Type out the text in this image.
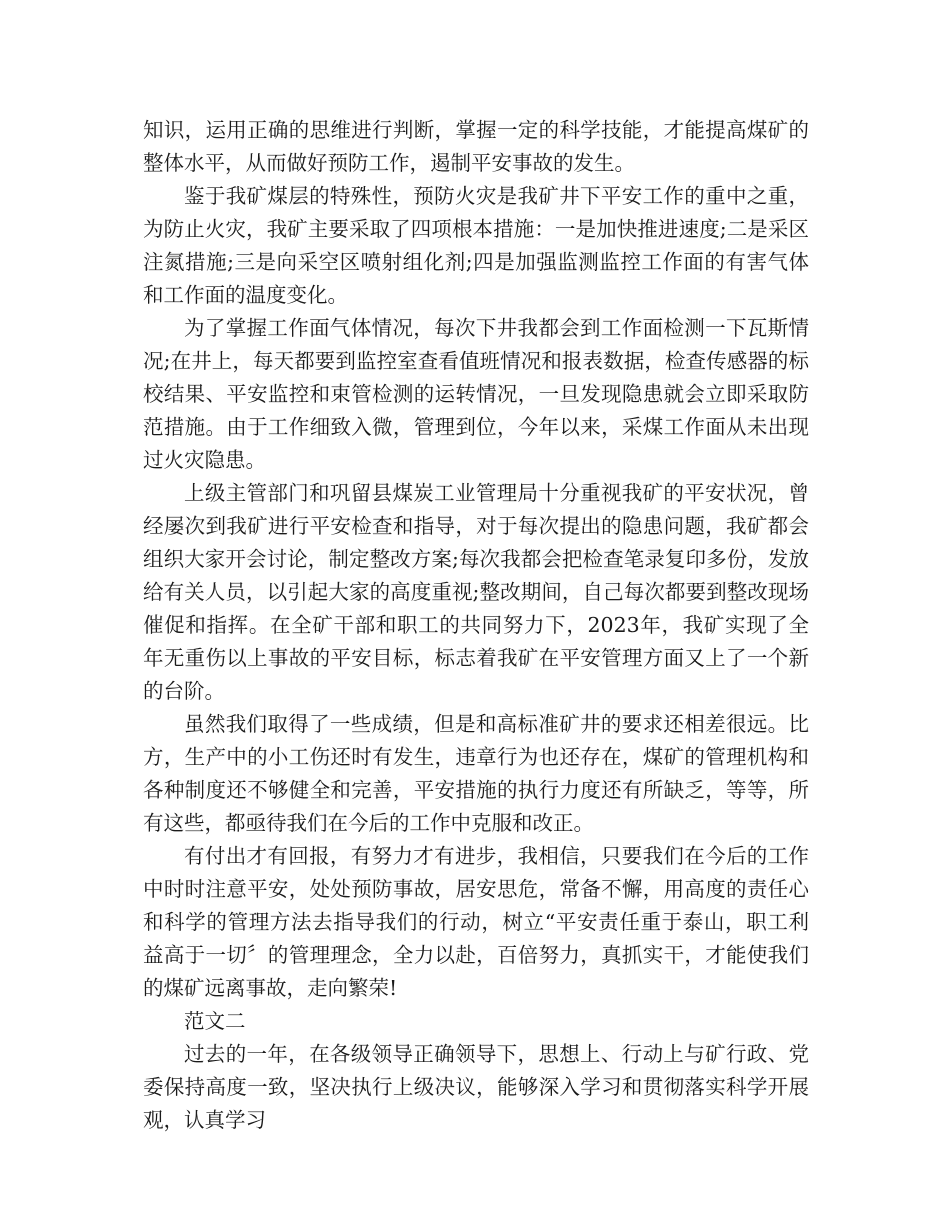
知识，运用正确的思维进行判断，掌握一定的科学技能，才能提高煤矿的整体水平，从而做好预防工作，遏制平安事故的发生。

鉴于我矿煤层的特殊性，预防火灾是我矿井下平安工作的重中之重，为防止火灾，我矿主要采取了四项根本措施：一是加快推进速度;二是采区注氮措施;三是向采空区喷射组化剂;四是加强监测监控工作面的有害气体和工作面的温度变化。

为了掌握工作面气体情况，每次下井我都会到工作面检测一下瓦斯情况;在井上，每天都要到监控室查看值班情况和报表数据，检查传感器的标校结果、平安监控和束管检测的运转情况，一旦发现隐患就会立即采取防范措施。由于工作细致入微，管理到位，今年以来，采煤工作面从未出现过火灾隐患。

上级主管部门和巩留县煤炭工业管理局十分重视我矿的平安状况，曾经屡次到我矿进行平安检查和指导，对于每次提出的隐患问题，我矿都会组织大家开会讨论，制定整改方案;每次我都会把检查笔录复印多份，发放给有关人员，以引起大家的高度重视;整改期间，自己每次都要到整改现场催促和指挥。在全矿干部和职工的共同努力下，2023年，我矿实现了全年无重伤以上事故的平安目标，标志着我矿在平安管理方面又上了一个新的台阶。

虽然我们取得了一些成绩，但是和高标准矿井的要求还相差很远。比方，生产中的小工伤还时有发生，违章行为也还存在，煤矿的管理机构和各种制度还不够健全和完善，平安措施的执行力度还有所缺乏，等等，所有这些，都亟待我们在今后的工作中克服和改正。

有付出才有回报，有努力才有进步，我相信，只要我们在今后的工作中时时注意平安，处处预防事故，居安思危，常备不懈，用高度的责任心和科学的管理方法去指导我们的行动，树立“平安责任重于泰山，职工利益高于一切〞的管理理念，全力以赴，百倍努力，真抓实干，才能使我们的煤矿远离事故，走向繁荣!

范文二

过去的一年，在各级领导正确领导下，思想上、行动上与矿行政、党委保持高度一致，坚决执行上级决议，能够深入学习和贯彻落实科学开展观，认真学习
